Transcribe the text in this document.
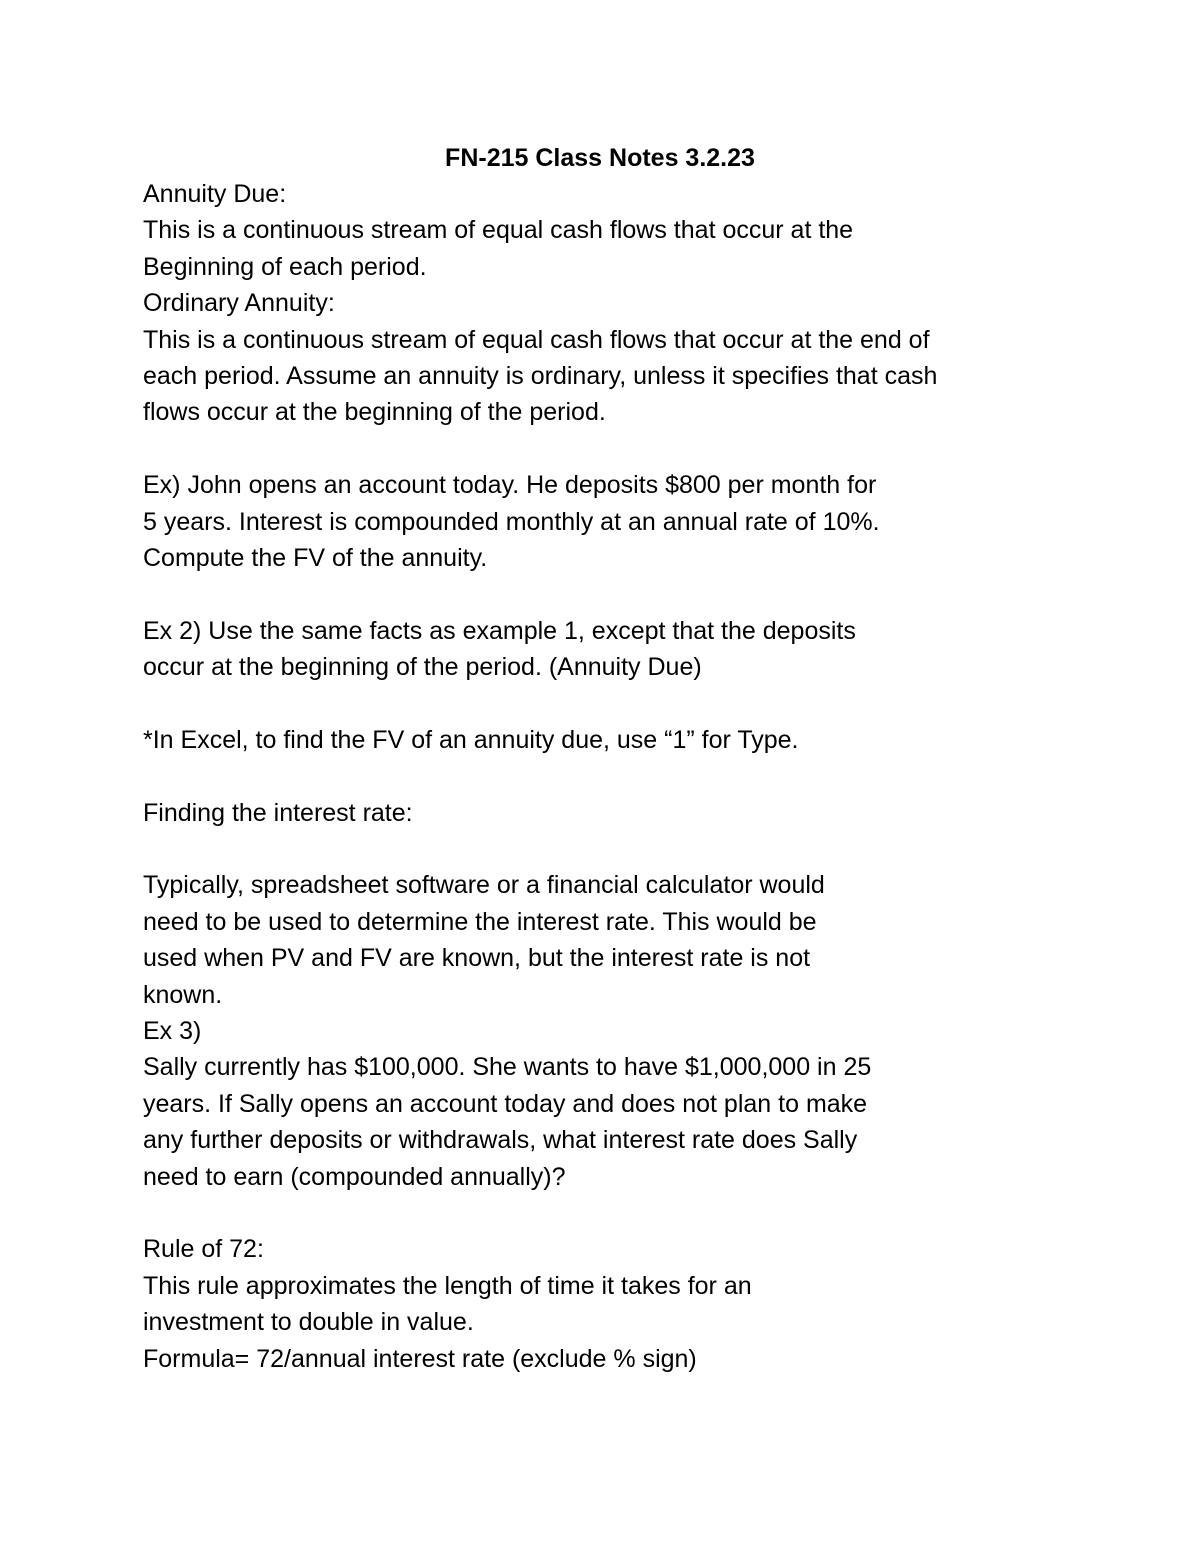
FN-215 Class Notes 3.2.23

Annuity Due:

This is a continuous stream of equal cash flows that occur at the

Beginning of each period.

Ordinary Annuity:

This is a continuous stream of equal cash flows that occur at the end of

each period. Assume an annuity is ordinary, unless it specifies that cash

flows occur at the beginning of the period.

Ex) John opens an account today. He deposits $800 per month for

5 years. Interest is compounded monthly at an annual rate of 10%.

Compute the FV of the annuity.

Ex 2) Use the same facts as example 1, except that the deposits

occur at the beginning of the period. (Annuity Due)

*In Excel, to find the FV of an annuity due, use “1” for Type.

Finding the interest rate:

Typically, spreadsheet software or a financial calculator would

need to be used to determine the interest rate. This would be

used when PV and FV are known, but the interest rate is not

known.

Ex 3)

Sally currently has $100,000. She wants to have $1,000,000 in 25

years. If Sally opens an account today and does not plan to make

any further deposits or withdrawals, what interest rate does Sally

need to earn (compounded annually)?

Rule of 72:

This rule approximates the length of time it takes for an

investment to double in value.

Formula= 72/annual interest rate (exclude % sign)
